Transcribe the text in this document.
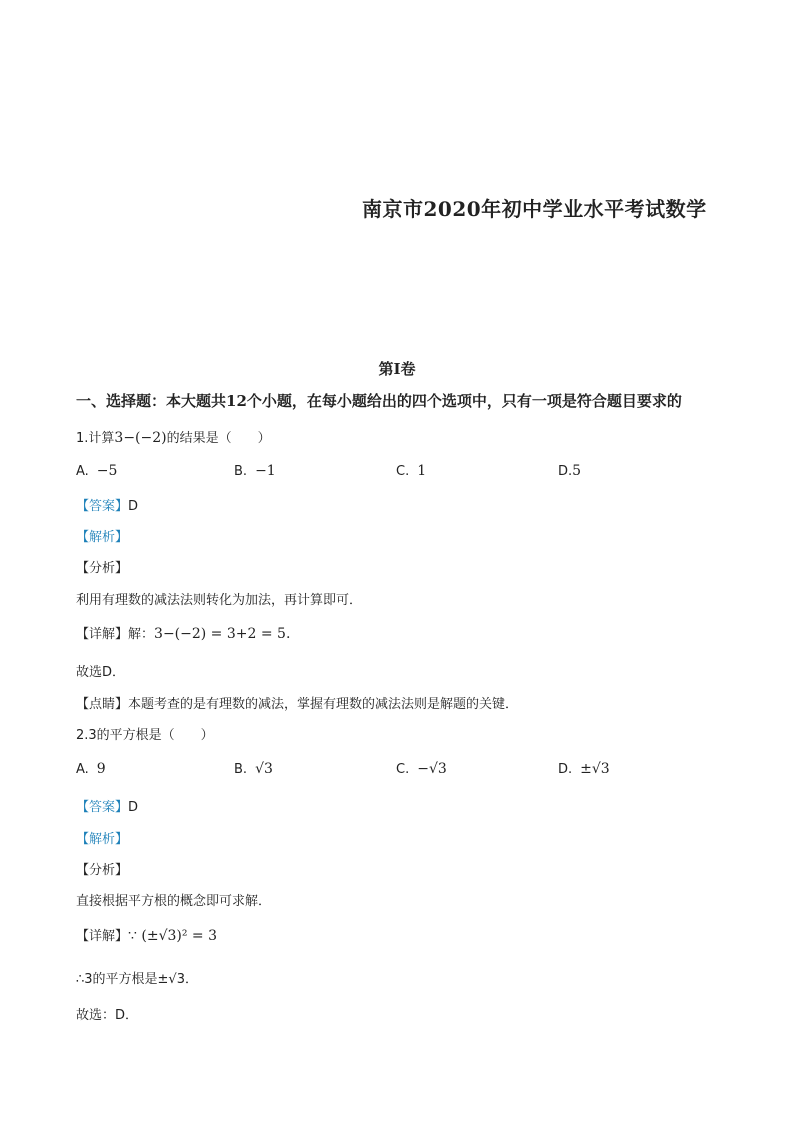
南京市2020年初中学业水平考试数学
第Ⅰ卷
一、选择题：本大题共12个小题，在每小题给出的四个选项中，只有一项是符合题目要求的
1.计算3−(−2)的结果是（　　）
A. −5	B. −1	C. 1	D.5
【答案】D
【解析】
【分析】
利用有理数的减法法则转化为加法，再计算即可．
【详解】解：3−(−2) = 3+2 = 5.
故选D．
【点睛】本题考查的是有理数的减法，掌握有理数的减法法则是解题的关键．
2.3的平方根是（　　）
A. 9	B. √3	C. −√3	D. ±√3
【答案】D
【解析】
【分析】
直接根据平方根的概念即可求解．
【详解】∵ (±√3)² = 3
∴3的平方根是±√3．
故选：D．
